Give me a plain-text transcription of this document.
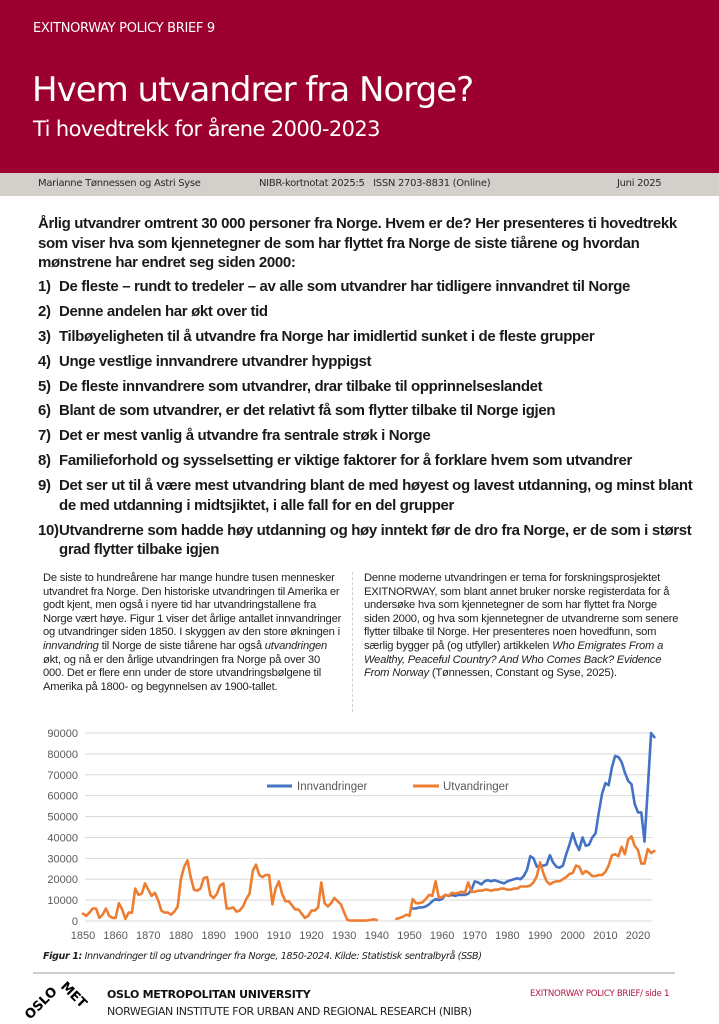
EXITNORWAY POLICY BRIEF 9
Hvem utvandrer fra Norge?
Ti hovedtrekk for årene 2000-2023
Marianne Tønnessen og Astri Syse	NIBR-kortnotat 2025:5   ISSN 2703-8831 (Online)	Juni 2025

Årlig utvandrer omtrent 30 000 personer fra Norge. Hvem er de? Her presenteres ti hovedtrekk som viser hva som kjennetegner de som har flyttet fra Norge de siste tiårene og hvordan mønstrene har endret seg siden 2000:

1) De fleste – rundt to tredeler – av alle som utvandrer har tidligere innvandret til Norge
2) Denne andelen har økt over tid
3) Tilbøyeligheten til å utvandre fra Norge har imidlertid sunket i de fleste grupper
4) Unge vestlige innvandrere utvandrer hyppigst
5) De fleste innvandrere som utvandrer, drar tilbake til opprinnelseslandet
6) Blant de som utvandrer, er det relativt få som flytter tilbake til Norge igjen
7) Det er mest vanlig å utvandre fra sentrale strøk i Norge
8) Familieforhold og sysselsetting er viktige faktorer for å forklare hvem som utvandrer
9) Det ser ut til å være mest utvandring blant de med høyest og lavest utdanning, og minst blant de med utdanning i midtsjiktet, i alle fall for en del grupper
10) Utvandrerne som hadde høy utdanning og høy inntekt før de dro fra Norge, er de som i størst grad flytter tilbake igjen
De siste to hundreårene har mange hundre tusen mennesker utvandret fra Norge. Den historiske utvandringen til Amerika er godt kjent, men også i nyere tid har utvandringstallene fra Norge vært høye. Figur 1 viser det årlige antallet innvandringer og utvandringer siden 1850. I skyggen av den store økningen i innvandring til Norge de siste tiårene har også utvandringen økt, og nå er den årlige utvandringen fra Norge på over 30 000. Det er flere enn under de store utvandringsbølgene til Amerika på 1800- og begynnelsen av 1900-tallet.
Denne moderne utvandringen er tema for forskningsprosjektet EXITNORWAY, som blant annet bruker norske registerdata for å undersøke hva som kjennetegner de som har flyttet fra Norge siden 2000, og hva som kjennetegner de utvandrerne som senere flytter tilbake til Norge. Her presenteres noen hovedfunn, som særlig bygger på (og utfyller) artikkelen Who Emigrates From a Wealthy, Peaceful Country? And Who Comes Back? Evidence From Norway (Tønnessen, Constant og Syse, 2025).
0
10000
20000
30000
40000
50000
60000
70000
80000
90000
1850 1860 1870 1880 1890 1900 1910 1920 1930 1940 1950 1960 1970 1980 1990 2000 2010 2020
Innvandringer	Utvandringer
Figur 1: Innvandringer til og utvandringer fra Norge, 1850-2024. Kilde: Statistisk sentralbyrå (SSB)
OSLO
MET OSLO METROPOLITAN UNIVERSITY
NORWEGIAN INSTITUTE FOR URBAN AND REGIONAL RESEARCH (NIBR)
EXITNORWAY POLICY BRIEF/ side 1
